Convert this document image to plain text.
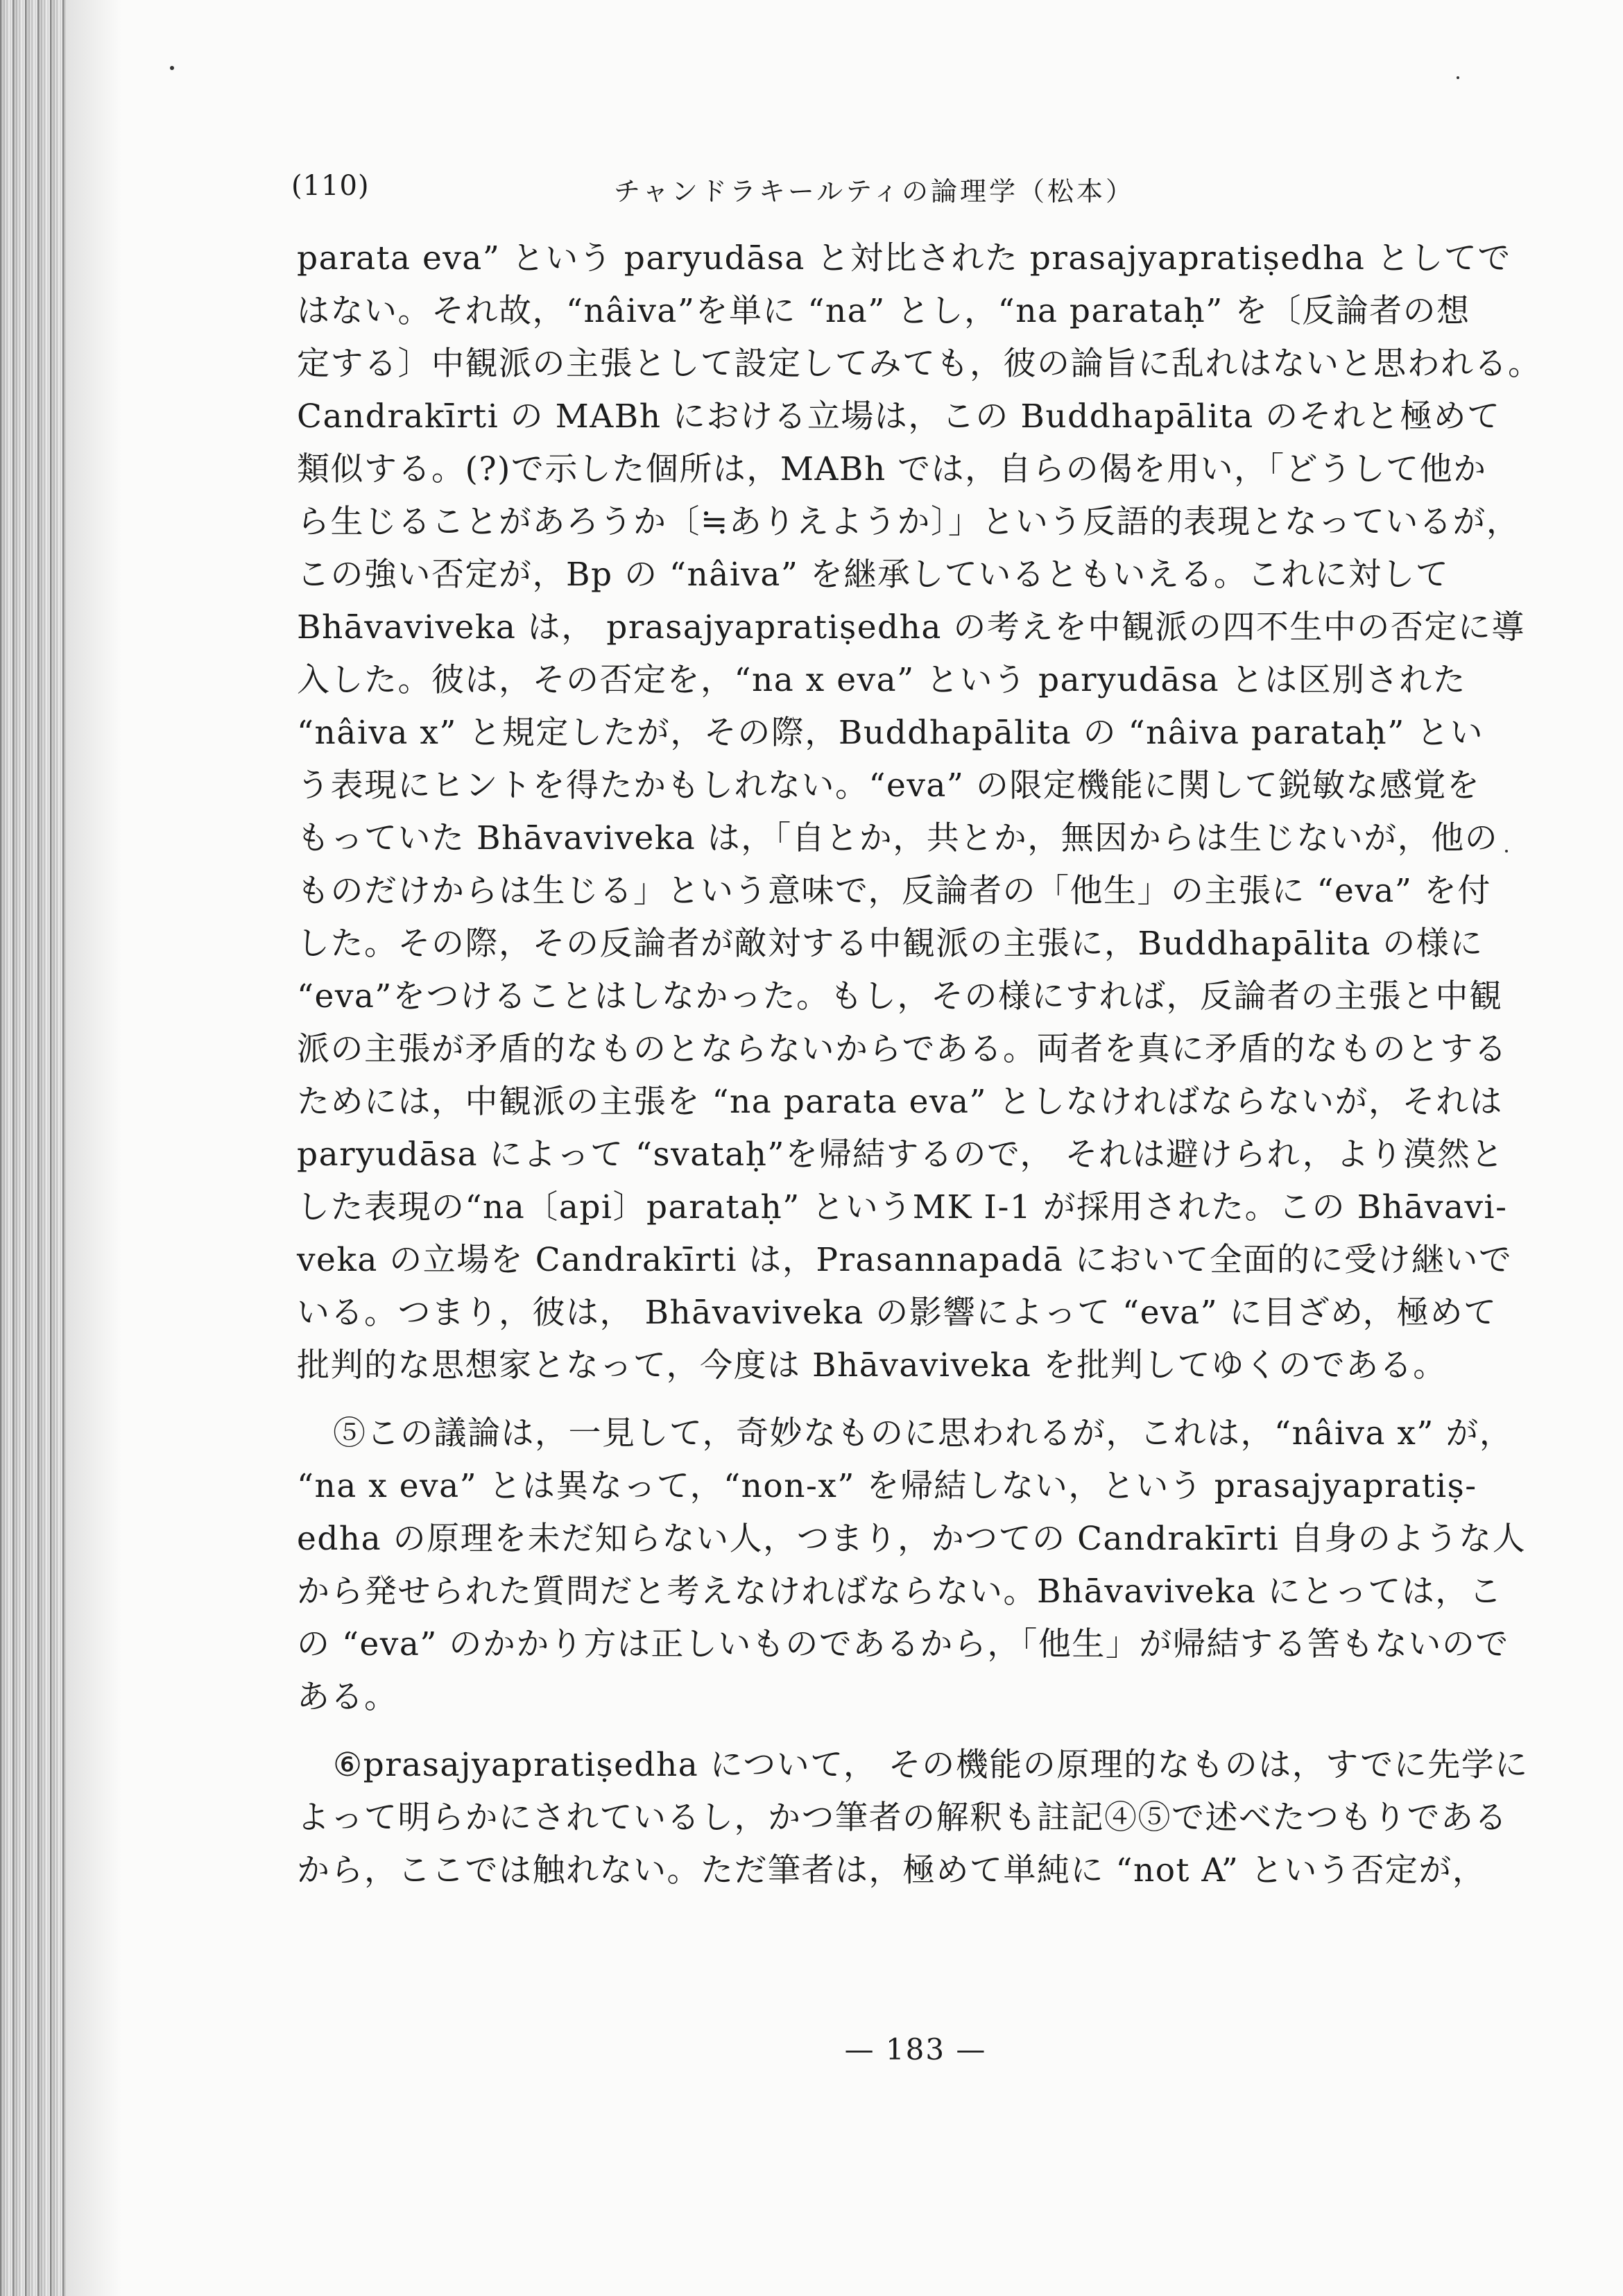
(110)	チャンドラキールティの論理学（松本）
parata eva” という paryudāsa と対比された prasajyapratiṣedha としてで
はない。それ故，“nâiva”を単に “na” とし，“na parataḥ” を〔反論者の想
定する〕中観派の主張として設定してみても，彼の論旨に乱れはないと思われる。
Candrakīrti の MABh における立場は，この Buddhapālita のそれと極めて
類似する。(?)で示した個所は，MABh では，自らの偈を用い，「どうして他か
ら生じることがあろうか〔≒ありえようか〕」という反語的表現となっているが，
この強い否定が，Bp の “nâiva” を継承しているともいえる。これに対して
Bhāvaviveka は， prasajyapratiṣedha の考えを中観派の四不生中の否定に導
入した。彼は，その否定を，“na x eva” という paryudāsa とは区別された
“nâiva x” と規定したが，その際，Buddhapālita の “nâiva parataḥ” とい
う表現にヒントを得たかもしれない。“eva” の限定機能に関して鋭敏な感覚を
もっていた Bhāvaviveka は，「自とか，共とか，無因からは生じないが，他の
ものだけからは生じる」という意味で，反論者の「他生」の主張に “eva” を付
した。その際，その反論者が敵対する中観派の主張に，Buddhapālita の様に
“eva”をつけることはしなかった。もし，その様にすれば，反論者の主張と中観
派の主張が矛盾的なものとならないからである。両者を真に矛盾的なものとする
ためには，中観派の主張を “na parata eva” としなければならないが，それは
paryudāsa によって “svataḥ”を帰結するので， それは避けられ，より漠然と
した表現の“na〔api〕parataḥ” というMK I-1 が採用された。この Bhāvavi-
veka の立場を Candrakīrti は，Prasannapadā において全面的に受け継いで
いる。つまり，彼は， Bhāvaviveka の影響によって “eva” に目ざめ，極めて
批判的な思想家となって，今度は Bhāvaviveka を批判してゆくのである。
⑤この議論は，一見して，奇妙なものに思われるが，これは，“nâiva x” が，
“na x eva” とは異なって，“non-x” を帰結しない，という prasajyapratiṣ-
edha の原理を未だ知らない人，つまり，かつての Candrakīrti 自身のような人
から発せられた質問だと考えなければならない。Bhāvaviveka にとっては，こ
の “eva” のかかり方は正しいものであるから，「他生」が帰結する筈もないので
ある。
⑥prasajyapratiṣedha について， その機能の原理的なものは，すでに先学に
よって明らかにされているし，かつ筆者の解釈も註記④⑤で述べたつもりである
から，ここでは触れない。ただ筆者は，極めて単純に “not A” という否定が，
— 183 —
